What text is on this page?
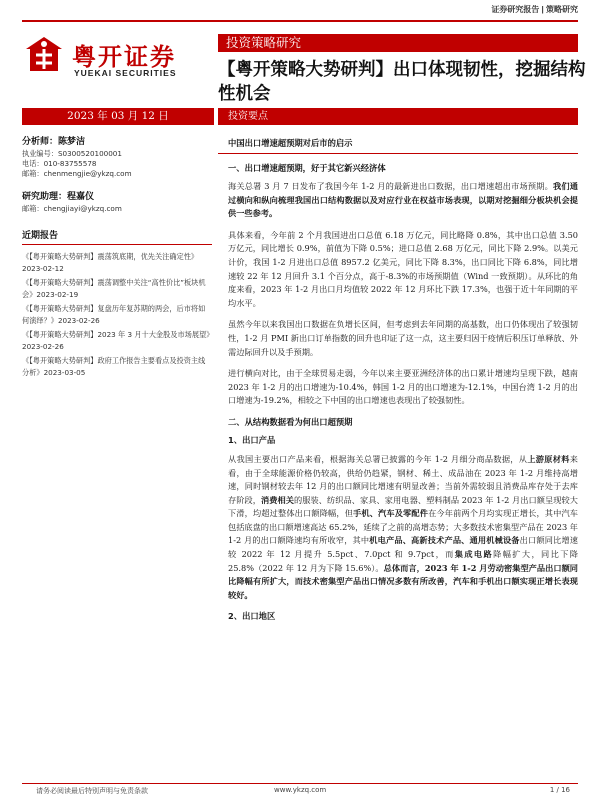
证券研究报告 | 策略研究
粤开证券
YUEKAI SECURITIES
投资策略研究
【粤开策略大势研判】出口体现韧性，挖掘结构性机会
2023 年 03 月 12 日	投资要点
分析师：陈梦洁
执业编号：S0300520100001
电话：010-83755578
邮箱：chenmengjie@ykzq.com
研究助理：程嘉仪
邮箱：chengjiayi@ykzq.com
近期报告
《【粤开策略大势研判】震荡筑底期，优先关注确定性》2023-02-12
《【粤开策略大势研判】震荡调整中关注“高性价比”板块机会》2023-02-19
《【粤开策略大势研判】复盘历年复苏期的两会，后市将如何演绎？》2023-02-26
《【粤开策略大势研判】2023 年 3 月十大金股及市场展望》2023-02-26
《【粤开策略大势研判】政府工作报告主要看点及投资主线分析》2023-03-05
中国出口增速超预期对后市的启示
一、出口增速超预期，好于其它新兴经济体

海关总署 3 月 7 日发布了我国今年 1-2 月的最新进出口数据，出口增速超出市场预期。我们通过横向和纵向梳理我国出口结构数据以及对应行业在权益市场表现，以期对挖掘细分板块机会提供一些参考。

具体来看，今年前 2 个月我国进出口总值 6.18 万亿元，同比略降 0.8%，其中出口总值 3.50 万亿元，同比增长 0.9%，前值为下降 0.5%；进口总值 2.68 万亿元，同比下降 2.9%。以美元计价，我国 1-2 月进出口总值 8957.2 亿美元，同比下降 8.3%，出口同比下降 6.8%，同比增速较 22 年 12 月回升 3.1 个百分点，高于-8.3%的市场预期值（Wind 一致预期）。从环比的角度来看，2023 年 1-2 月出口月均值较 2022 年 12 月环比下跌 17.3%，也强于近十年同期的平均水平。

虽然今年以来我国出口数据在负增长区间，但考虑到去年同期的高基数，出口仍体现出了较强韧性，1-2 月 PMI 新出口订单指数的回升也印证了这一点，这主要归因于疫情后积压订单释放、外需边际回升以及手预期。

进行横向对比，由于全球贸易走弱，今年以来主要亚洲经济体的出口累计增速均呈现下跌，越南 2023 年 1-2 月的出口增速为-10.4%，韩国 1-2 月的出口增速为-12.1%，中国台湾 1-2 月的出口增速为-19.2%，相较之下中国的出口增速也表现出了较强韧性。

二、从结构数据看为何出口超预期
1、出口产品

从我国主要出口产品来看，根据海关总署已披露的今年 1-2 月细分商品数据，从上游原材料来看，由于全球能源价格仍较高，供给仍趋紧，钢材、稀土、成品油在 2023 年 1-2 月维持高增速，同时钢材较去年 12 月的出口额同比增速有明显改善；当前外需较弱且消费品库存处于去库存阶段，消费相关的服装、纺织品、家具、家用电器、塑料制品 2023 年 1-2 月出口额呈现较大下滑，均超过整体出口额降幅，但手机、汽车及零配件在今年前两个月均实现正增长，其中汽车包括底盘的出口额增速高达 65.2%，延续了之前的高增态势；大多数技术密集型产品在 2023 年 1-2 月的出口额降速均有所收窄，其中机电产品、高新技术产品、通用机械设备出口额同比增速较 2022 年 12 月提升 5.5pct、7.0pct 和 9.7pct，而集成电路降幅扩大，同比下降 25.8%（2022 年 12 月为下降 15.6%）。总体而言，2023 年 1-2 月劳动密集型产品出口额同比降幅有所扩大，而技术密集型产品出口情况多数有所改善，汽车和手机出口额实现正增长表现较好。

2、出口地区
请务必阅读最后特别声明与免责条款	www.ykzq.com	1 / 16
